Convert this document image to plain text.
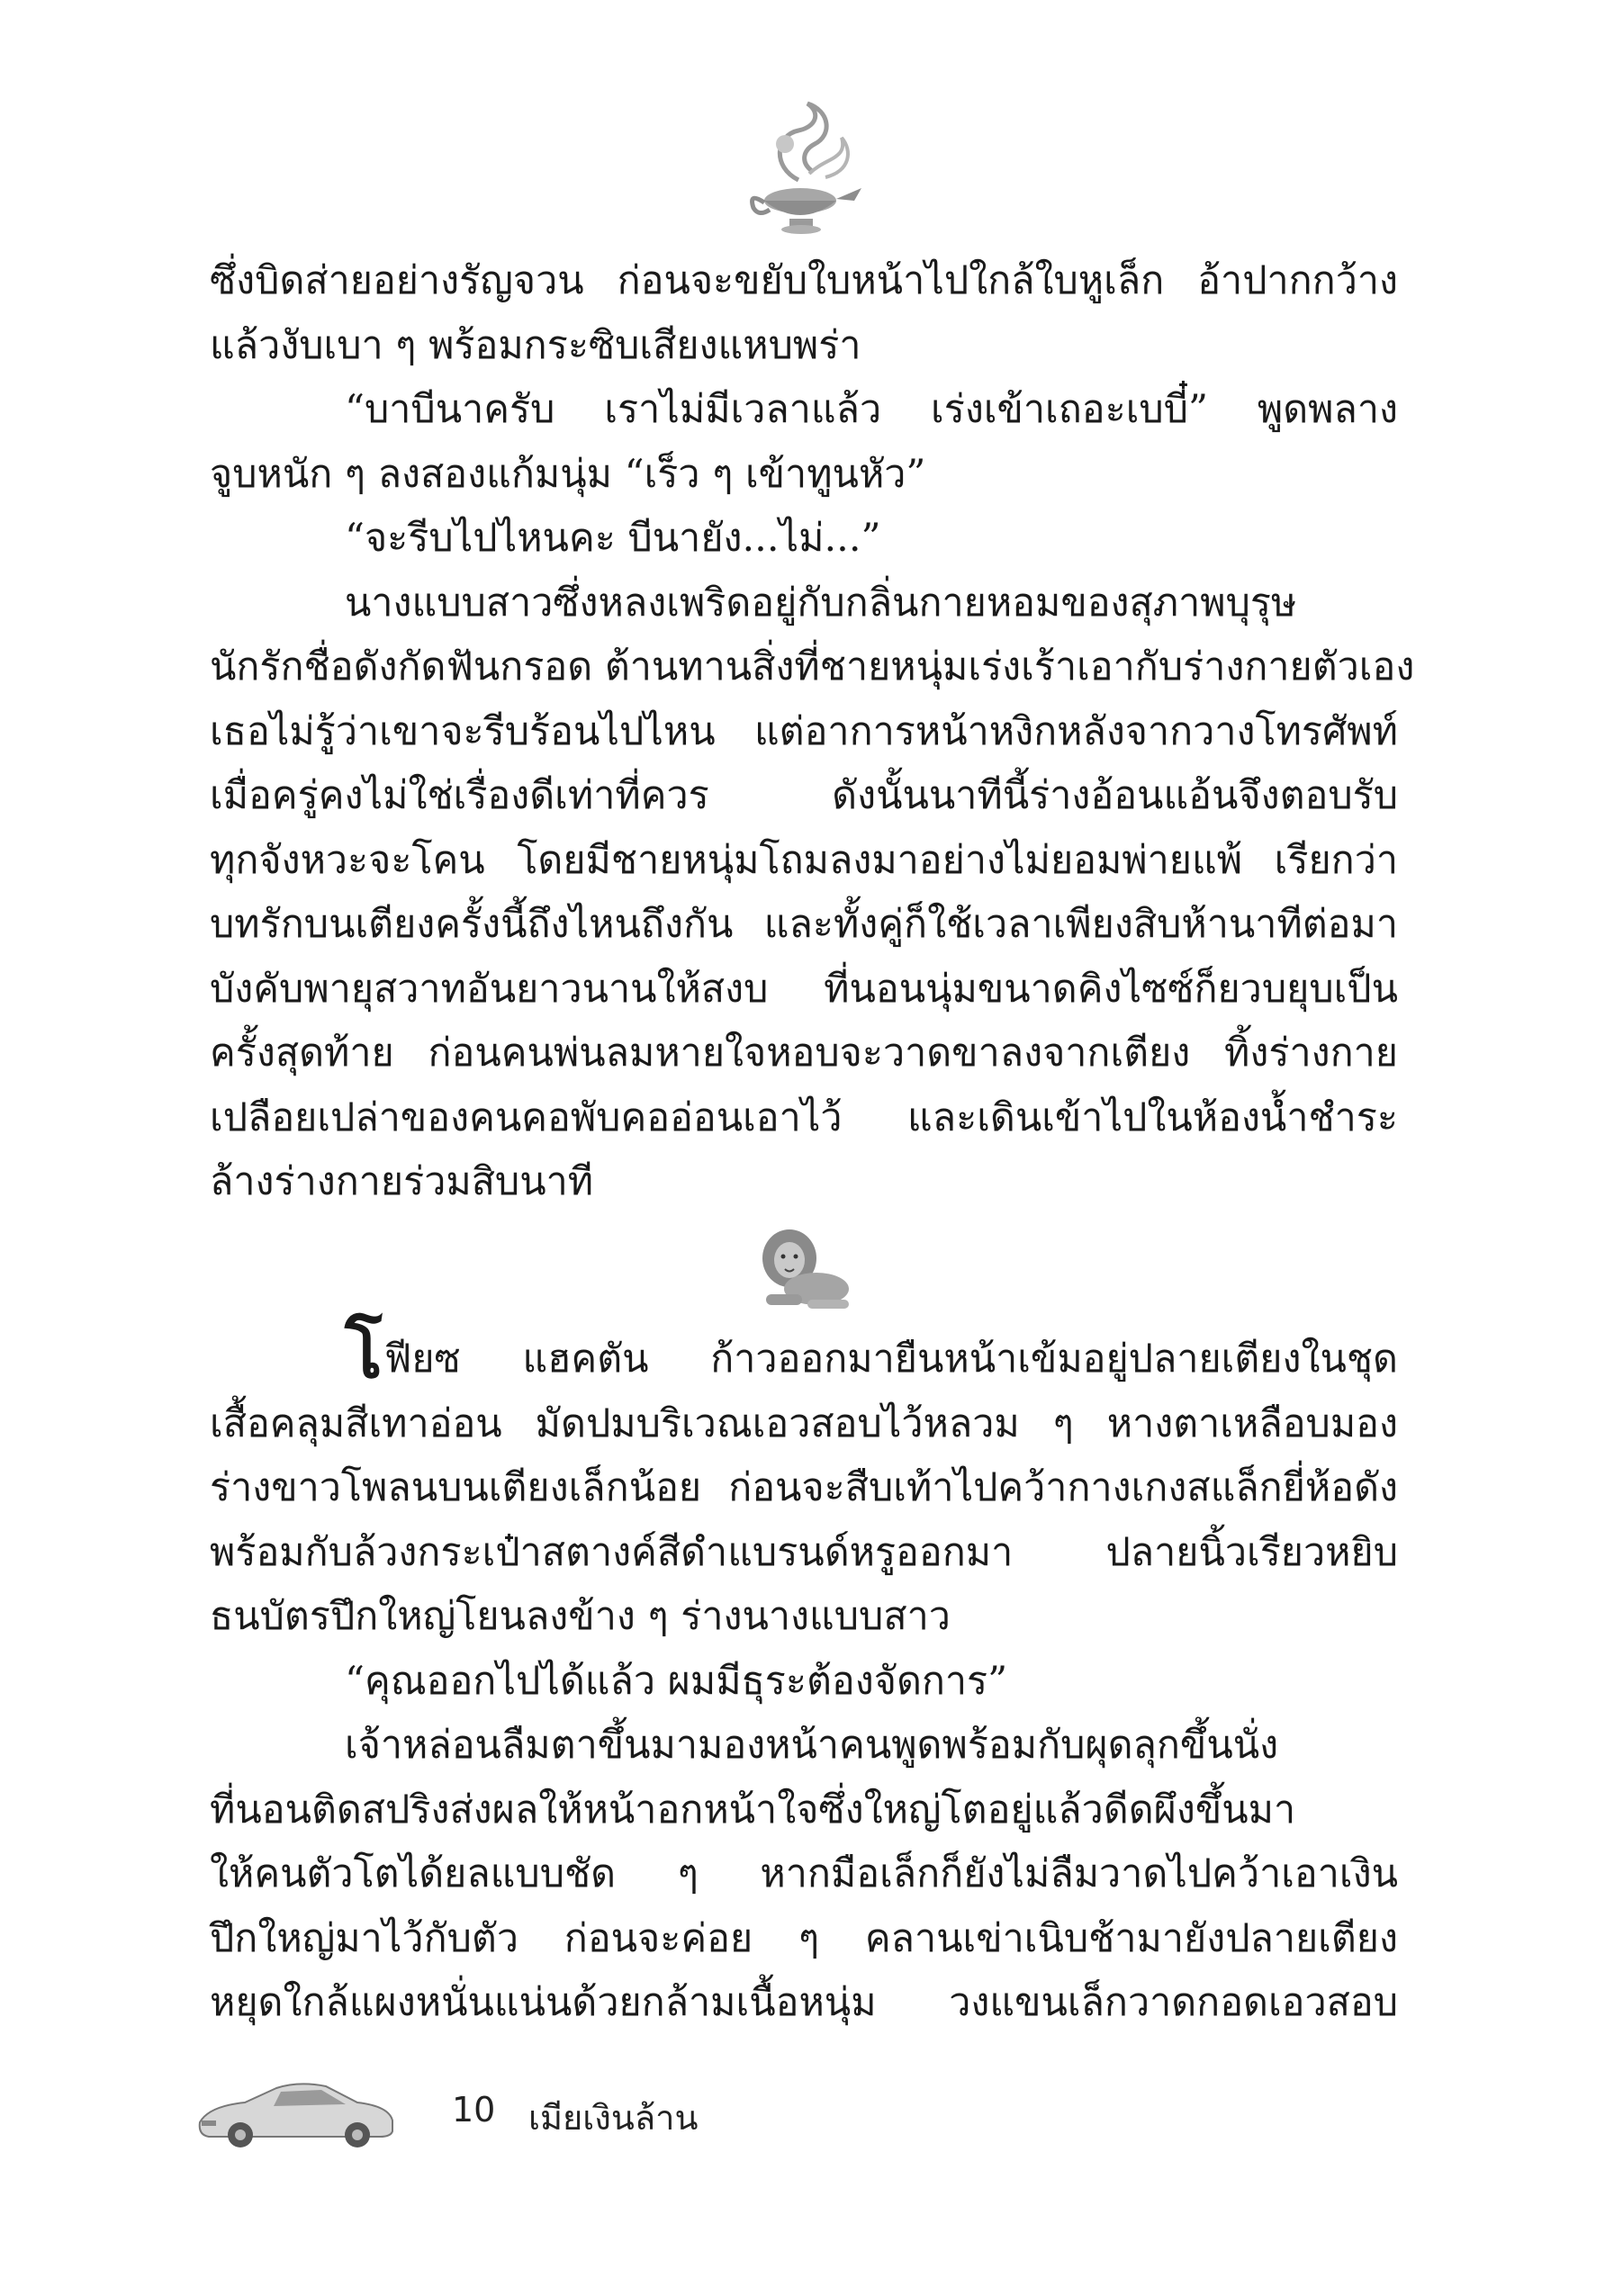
ซึ่งบิดส่ายอย่างรัญจวน ก่อนจะขยับใบหน้าไปใกล้ใบหูเล็ก อ้าปากกว้าง
แล้วงับเบา ๆ พร้อมกระซิบเสียงแหบพร่า
“บาบีนาครับ เราไม่มีเวลาแล้ว เร่งเข้าเถอะเบบี๋” พูดพลาง
จูบหนัก ๆ ลงสองแก้มนุ่ม “เร็ว ๆ เข้าทูนหัว”
“จะรีบไปไหนคะ บีนายัง...ไม่...”
นางแบบสาวซึ่งหลงเพริดอยู่กับกลิ่นกายหอมของสุภาพบุรุษ
นักรักชื่อดังกัดฟันกรอด ต้านทานสิ่งที่ชายหนุ่มเร่งเร้าเอากับร่างกายตัวเอง
เธอไม่รู้ว่าเขาจะรีบร้อนไปไหน แต่อาการหน้าหงิกหลังจากวางโทรศัพท์
เมื่อครู่คงไม่ใช่เรื่องดีเท่าที่ควร ดังนั้นนาทีนี้ร่างอ้อนแอ้นจึงตอบรับ
ทุกจังหวะจะโคน โดยมีชายหนุ่มโถมลงมาอย่างไม่ยอมพ่ายแพ้ เรียกว่า
บทรักบนเตียงครั้งนี้ถึงไหนถึงกัน และทั้งคู่ก็ใช้เวลาเพียงสิบห้านาทีต่อมา
บังคับพายุสวาทอันยาวนานให้สงบ ที่นอนนุ่มขนาดคิงไซซ์ก็ยวบยุบเป็น
ครั้งสุดท้าย ก่อนคนพ่นลมหายใจหอบจะวาดขาลงจากเตียง ทิ้งร่างกาย
เปลือยเปล่าของคนคอพับคออ่อนเอาไว้ และเดินเข้าไปในห้องน้ำชำระ
ล้างร่างกายร่วมสิบนาที
โฟียซ แฮคตัน ก้าวออกมายืนหน้าเข้มอยู่ปลายเตียงในชุด
เสื้อคลุมสีเทาอ่อน มัดปมบริเวณเอวสอบไว้หลวม ๆ หางตาเหลือบมอง
ร่างขาวโพลนบนเตียงเล็กน้อย ก่อนจะสืบเท้าไปคว้ากางเกงสแล็กยี่ห้อดัง
พร้อมกับล้วงกระเป๋าสตางค์สีดำแบรนด์หรูออกมา ปลายนิ้วเรียวหยิบ
ธนบัตรปึกใหญ่โยนลงข้าง ๆ ร่างนางแบบสาว
“คุณออกไปได้แล้ว ผมมีธุระต้องจัดการ”
เจ้าหล่อนลืมตาขึ้นมามองหน้าคนพูดพร้อมกับผุดลุกขึ้นนั่ง
ที่นอนติดสปริงส่งผลให้หน้าอกหน้าใจซึ่งใหญ่โตอยู่แล้วดีดผึงขึ้นมา
ให้คนตัวโตได้ยลแบบชัด ๆ หากมือเล็กก็ยังไม่ลืมวาดไปคว้าเอาเงิน
ปึกใหญ่มาไว้กับตัว ก่อนจะค่อย ๆ คลานเข่าเนิบช้ามายังปลายเตียง
หยุดใกล้แผงหนั่นแน่นด้วยกล้ามเนื้อหนุ่ม วงแขนเล็กวาดกอดเอวสอบ
10 เมียเงินล้าน
